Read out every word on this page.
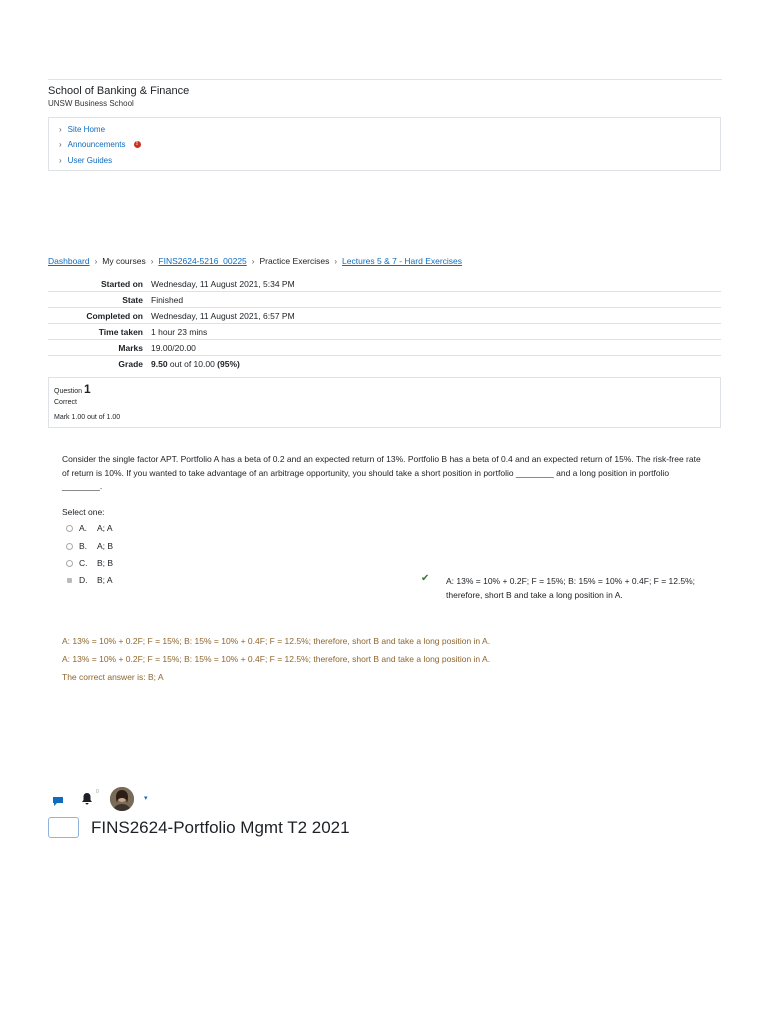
School of Banking & Finance
UNSW Business School
› Site Home
› Announcements	!
› User Guides
Dashboard › My courses › FINS2624-5216_00225 › Practice Exercises › Lectures 5 & 7 - Hard Exercises
Started on	Wednesday, 11 August 2021, 5:34 PM
State	Finished
Completed on	Wednesday, 11 August 2021, 6:57 PM
Time taken	1 hour 23 mins
Marks	19.00/20.00
Grade	9.50 out of 10.00 (95%)
Question 1
Correct
Mark 1.00 out of 1.00
Consider the single factor APT. Portfolio A has a beta of 0.2 and an expected return of 13%. Portfolio B has a beta of 0.4 and an expected return of 15%. The risk-free rate of return is 10%. If you wanted to take advantage of an arbitrage opportunity, you should take a short position in portfolio ________ and a long position in portfolio ________.
Select one:
A.	A; A
B.	A; B
C.	B; B
D.	B; A	✔ A: 13% = 10% + 0.2F; F = 15%; B: 15% = 10% + 0.4F; F = 12.5%; therefore, short B and take a long position in A.
A: 13% = 10% + 0.2F; F = 15%; B: 15% = 10% + 0.4F; F = 12.5%; therefore, short B and take a long position in A.
A: 13% = 10% + 0.2F; F = 15%; B: 15% = 10% + 0.4F; F = 12.5%; therefore, short B and take a long position in A.
The correct answer is: B; A
0
▾
FINS2624-Portfolio Mgmt T2 2021
